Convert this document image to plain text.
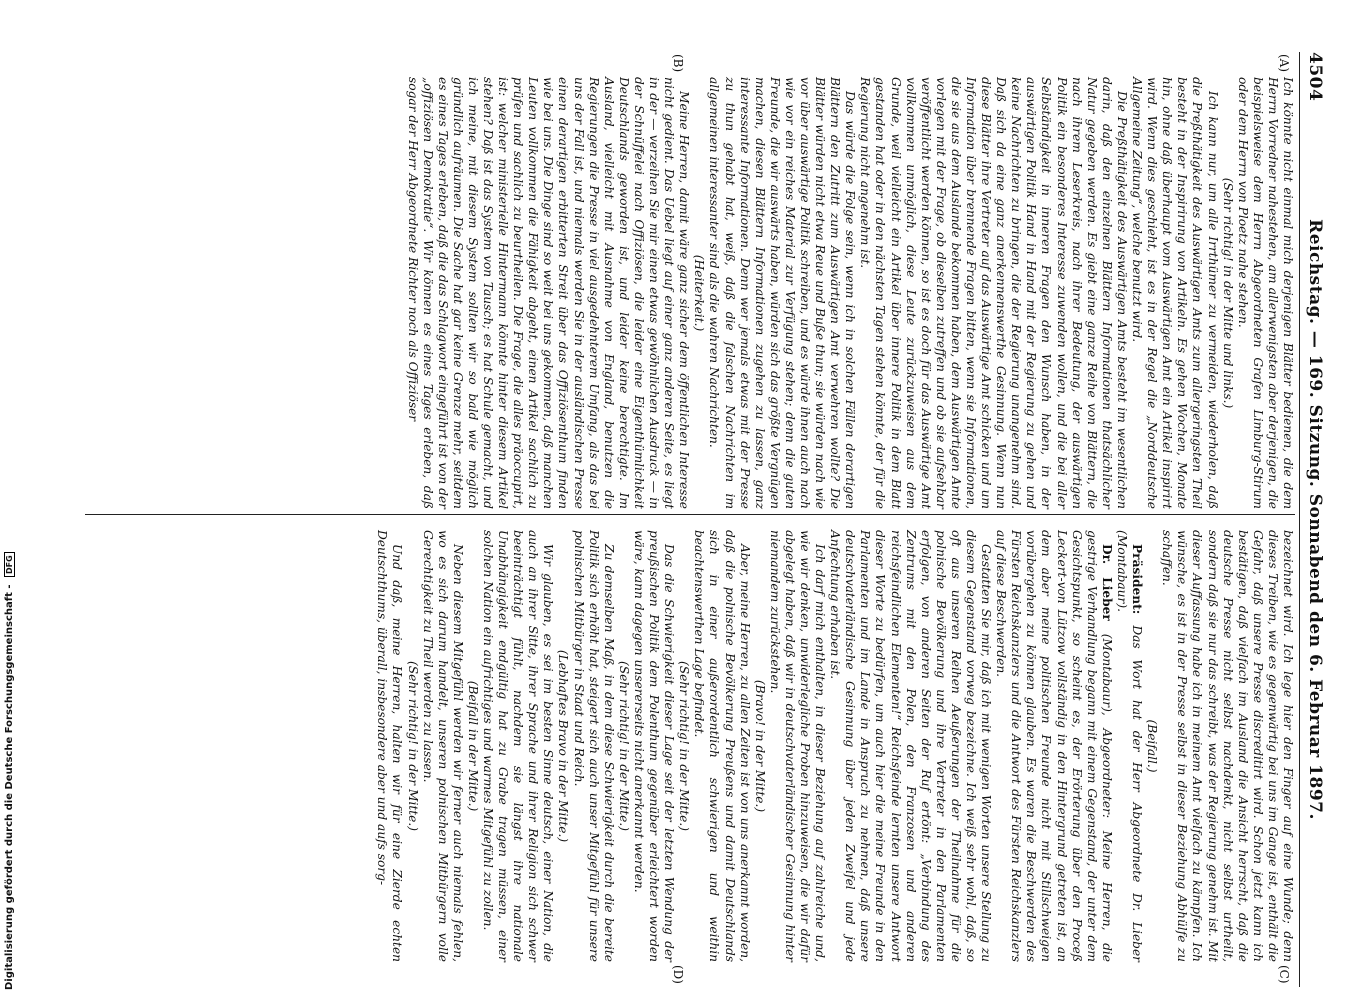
4504
Reichstag. — 169. Sitzung. Sonnabend den 6. Februar 1897.
(A)
(B)
(C)
(D)

Ich könnte nicht einmal mich derjenigen Blätter bedienen, die dem Herrn Vorredner nahestehen, am allerwenigsten aber derjenigen, die beispielsweise dem Herrn Abgeordneten Grafen Limburg-Stirum oder dem Herrn von Ploetz nahe stehen.

(Sehr richtig! in der Mitte und links.)

Ich kann nur, um alle Irrthümer zu vermeiden, wiederholen, daß die Preßthätigkeit des Auswärtigen Amts zum allergeringsten Theil besteht in der Inspirirung von Artikeln. Es gehen Wochen, Monate hin, ohne daß überhaupt vom Auswärtigen Amt ein Artikel inspirirt wird. Wenn dies geschieht, ist es in der Regel die „Norddeutsche Allgemeine Zeitung“, welche benutzt wird.

Die Preßthätigkeit des Auswärtigen Amts besteht im wesentlichen darin, daß den einzelnen Blättern Informationen thatsächlicher Natur gegeben werden. Es giebt eine ganze Reihe von Blättern, die nach ihrem Leserkreis, nach ihrer Bedeutung, der auswärtigen Politik ein besonderes Interesse zuwenden wollen, und die bei aller Selbständigkeit in inneren Fragen den Wunsch haben, in der auswärtigen Politik Hand in Hand mit der Regierung zu gehen und keine Nachrichten zu bringen, die der Regierung unangenehm sind. Daß sich da eine ganz anerkennenswerthe Gesinnung. Wenn nun diese Blätter ihre Vertreter auf das Auswärtige Amt schicken und um Information über brennende Fragen bitten, wenn sie Informationen, die sie aus dem Auslande bekommen haben, dem Auswärtigen Amte vorlegen mit der Frage, ob dieselben zutreffen und ob sie aufsehbar veröffentlicht werden können, so ist es doch für das Auswärtige Amt vollkommen unmöglich, diese Leute zurückzuweisen aus dem Grunde, weil vielleicht ein Artikel über innere Politik in dem Blatt gestanden hat oder in den nächsten Tagen stehen könnte, der für die Regierung nicht angenehm ist.

Das würde die Folge sein, wenn ich in solchen Fällen derartigen Blättern den Zutritt zum Auswärtigen Amt verwehren wollte? Die Blätter würden nicht etwa Reue und Buße thun; sie würden nach wie vor über auswärtige Politik schreiben, und es würde ihnen auch nach wie vor ein reiches Material zur Verfügung stehen; denn die guten Freunde, die wir auswärts haben, würden sich das größte Vergnügen machen, diesen Blättern Informationen zugehen zu lassen, ganz interessante Informationen. Denn wer jemals etwas mit der Presse zu thun gehabt hat, weiß, daß die falschen Nachrichten im allgemeinen interessanter sind als die wahren Nachrichten.

(Heiterkeit.)

Meine Herren, damit wäre ganz sicher dem öffentlichen Interesse nicht gedient. Das Uebel liegt auf einer ganz anderen Seite, es liegt in der — verzeihen Sie mir einen etwas gewöhnlichen Ausdruck — in der Schnüffelei nach Offiziösen, die leider eine Eigenthümlichkeit Deutschlands geworden ist, und leider keine berechtigte. Im Ausland, vielleicht mit Ausnahme von England, benutzen die Regierungen die Presse in viel ausgedehnterem Umfang, als das bei uns der Fall ist, und niemals werden Sie in der ausländischen Presse einen derartigen erbitterten Streit über das Offiziösenthum finden wie bei uns. Die Dinge sind so weit bei uns gekommen, daß manchen Leuten vollkommen die Fähigkeit abgeht, einen Artikel sachlich zu prüfen und sachlich zu beurtheilen. Die Frage, die alles präoccupirt, ist: welcher ministerielle Hintermann könnte hinter diesem Artikel stehen? Daß ist das System von Tausch; es hat Schule gemacht, und ich meine, mit diesem System sollten wir so bald wie möglich gründlich aufräumen. Die Sache hat gar keine Grenze mehr, seitdem es eines Tages erleben, daß die das Schlagwort eingeführt ist von der „offiziösen Demokratie“. Wir können es eines Tages erleben, daß sogar der Herr Abgeordnete Richter noch als Offiziöser

bezeichnet wird. Ich lege hier den Finger auf eine Wunde; denn dieses Treiben, wie es gegenwärtig bei uns im Gange ist, enthält die Gefahr, daß unsere Presse discreditirt wird. Schon jetzt kann ich bestätigen, daß vielfach im Ausland die Ansicht herrscht, daß die deutsche Presse nicht selbst nachdenkt, nicht selbst urtheilt, sondern daß sie nur das schreibt, was der Regierung genehm ist. Mit dieser Auffassung habe ich in meinem Amt vielfach zu kämpfen. Ich wünsche, es ist in der Presse selbst in dieser Beziehung Abhülfe zu schaffen.

(Beifall.)

Präsident: Das Wort hat der Herr Abgeordnete Dr. Lieber (Montabaur).

Dr. Lieber (Montabaur), Abgeordneter: Meine Herren, die gestrige Verhandlung begann mit einem Gegenstand, der unter dem Gesichtspunkt, so scheint es, der Erörterung über den Proceß Leckert-von Lützow vollständig in den Hintergrund getreten ist, an dem aber meine politischen Freunde nicht mit Stillschweigen vorübergehen zu können glauben. Es waren die Beschwerden des Fürsten Reichskanzlers und die Antwort des Fürsten Reichskanzlers auf diese Beschwerden.

Gestatten Sie mir, daß ich mit wenigen Worten unsere Stellung zu diesem Gegenstand vorweg bezeichne. Ich weiß sehr wohl, daß, so oft aus unseren Reihen Aeußerungen der Theilnahme für die polnische Bevölkerung und ihre Vertreter in den Parlamenten erfolgen, von anderen Seiten der Ruf ertönt: „Verbindung des Zentrums mit den Polen, den Franzosen und anderen reichsfeindlichen Elementen!“ Reichsfeinde lernten unsere Antwort dieser Worte zu bedürfen, um auch hier die meine Freunde in den Parlamenten und im Lande in Anspruch zu nehmen, daß unsere deutschvaterländische Gesinnung über jeden Zweifel und jede Anfechtung erhaben ist.

Ich darf mich enthalten, in dieser Beziehung auf zahlreiche und, wie wir denken, unwiderlegliche Proben hinzuweisen, die wir dafür abgelegt haben, daß wir in deutschvaterländischer Gesinnung hinter niemandem zurückstehen.

(Bravo! in der Mitte.)

Aber, meine Herren, zu allen Zeiten ist von uns anerkannt worden, daß die polnische Bevölkerung Preußens und damit Deutschlands sich in einer außerordentlich schwierigen und weithin beachtenswerthen Lage befindet.

(Sehr richtig! in der Mitte.)

Das die Schwierigkeit dieser Lage seit der letzten Wendung der preußischen Politik dem Polenthum gegenüber erleichtert worden wäre, kann dagegen unsererseits nicht anerkannt werden.

(Sehr richtig! in der Mitte.)

Zu demselben Maß, in dem diese Schwierigkeit durch die bereite Politik sich erhöht hat, steigert sich auch unser Mitgefühl für unsere polnischen Mitbürger in Staat und Reich.

(Lebhaftes Bravo in der Mitte.)

Wir glauben, es sei im besten Sinne deutsch, einer Nation, die auch an ihrer Sitte, ihrer Sprache und ihrer Religion sich schwer beeinträchtigt fühlt, nachdem sie längst ihre nationale Unabhängigkeit endgültig hat zu Grabe tragen müssen, einer solchen Nation ein aufrichtiges und warmes Mitgefühl zu zollen.

(Beifall in der Mitte.)

Neben diesem Mitgefühl werden wir ferner auch niemals fehlen, wo es sich darum handelt, unseren polnischen Mitbürgern volle Gerechtigkeit zu Theil werden zu lassen.

(Sehr richtig! in der Mitte.)

Und daß, meine Herren, halten wir für eine Zierde echten Deutschthums, überall, insbesondere aber und aufs sorg-

Digitalisierung gefördert durch die Deutsche Forschungsgemeinschaft - DFG
